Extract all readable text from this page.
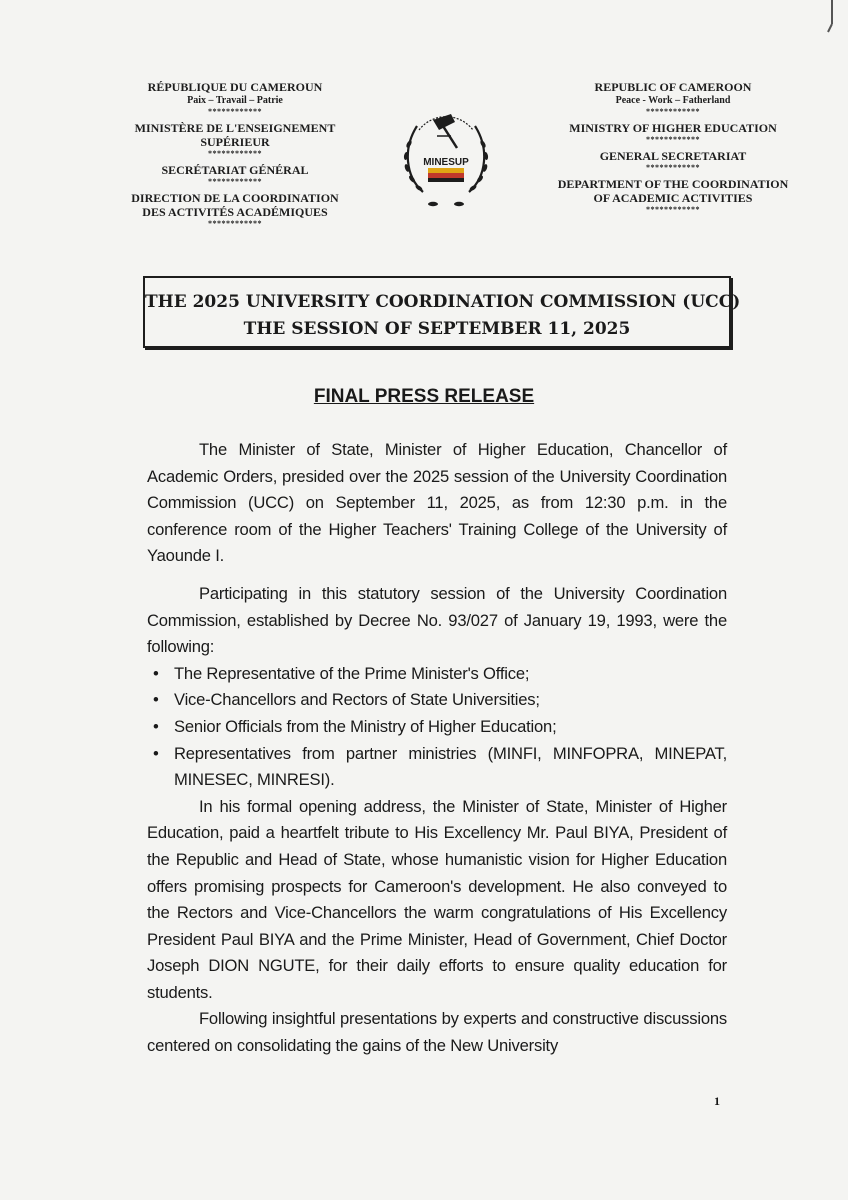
RÉPUBLIQUE DU CAMEROUN
Paix – Travail – Patrie
************
MINISTÈRE DE L'ENSEIGNEMENT
SUPÉRIEUR
************
SECRÉTARIAT GÉNÉRAL
************
DIRECTION DE LA COORDINATION
DES ACTIVITÉS ACADÉMIQUES
************
MINESUP
REPUBLIC OF CAMEROON
Peace - Work – Fatherland
************
MINISTRY OF HIGHER EDUCATION
************
GENERAL SECRETARIAT
************
DEPARTMENT OF THE COORDINATION
OF ACADEMIC ACTIVITIES
************
THE 2025 UNIVERSITY COORDINATION COMMISSION (UCC)
THE SESSION OF SEPTEMBER 11, 2025
FINAL PRESS RELEASE

The Minister of State, Minister of Higher Education, Chancellor of Academic Orders, presided over the 2025 session of the University Coordination Commission (UCC) on September 11, 2025, as from 12:30 p.m. in the conference room of the Higher Teachers' Training College of the University of Yaounde I.

Participating in this statutory session of the University Coordination Commission, established by Decree No. 93/027 of January 19, 1993, were the following:

• The Representative of the Prime Minister's Office;
• Vice-Chancellors and Rectors of State Universities;
• Senior Officials from the Ministry of Higher Education;
• Representatives from partner ministries (MINFI, MINFOPRA, MINEPAT, MINESEC, MINRESI).

In his formal opening address, the Minister of State, Minister of Higher Education, paid a heartfelt tribute to His Excellency Mr. Paul BIYA, President of the Republic and Head of State, whose humanistic vision for Higher Education offers promising prospects for Cameroon's development. He also conveyed to the Rectors and Vice-Chancellors the warm congratulations of His Excellency President Paul BIYA and the Prime Minister, Head of Government, Chief Doctor Joseph DION NGUTE, for their daily efforts to ensure quality education for students.

Following insightful presentations by experts and constructive discussions centered on consolidating the gains of the New University

1
